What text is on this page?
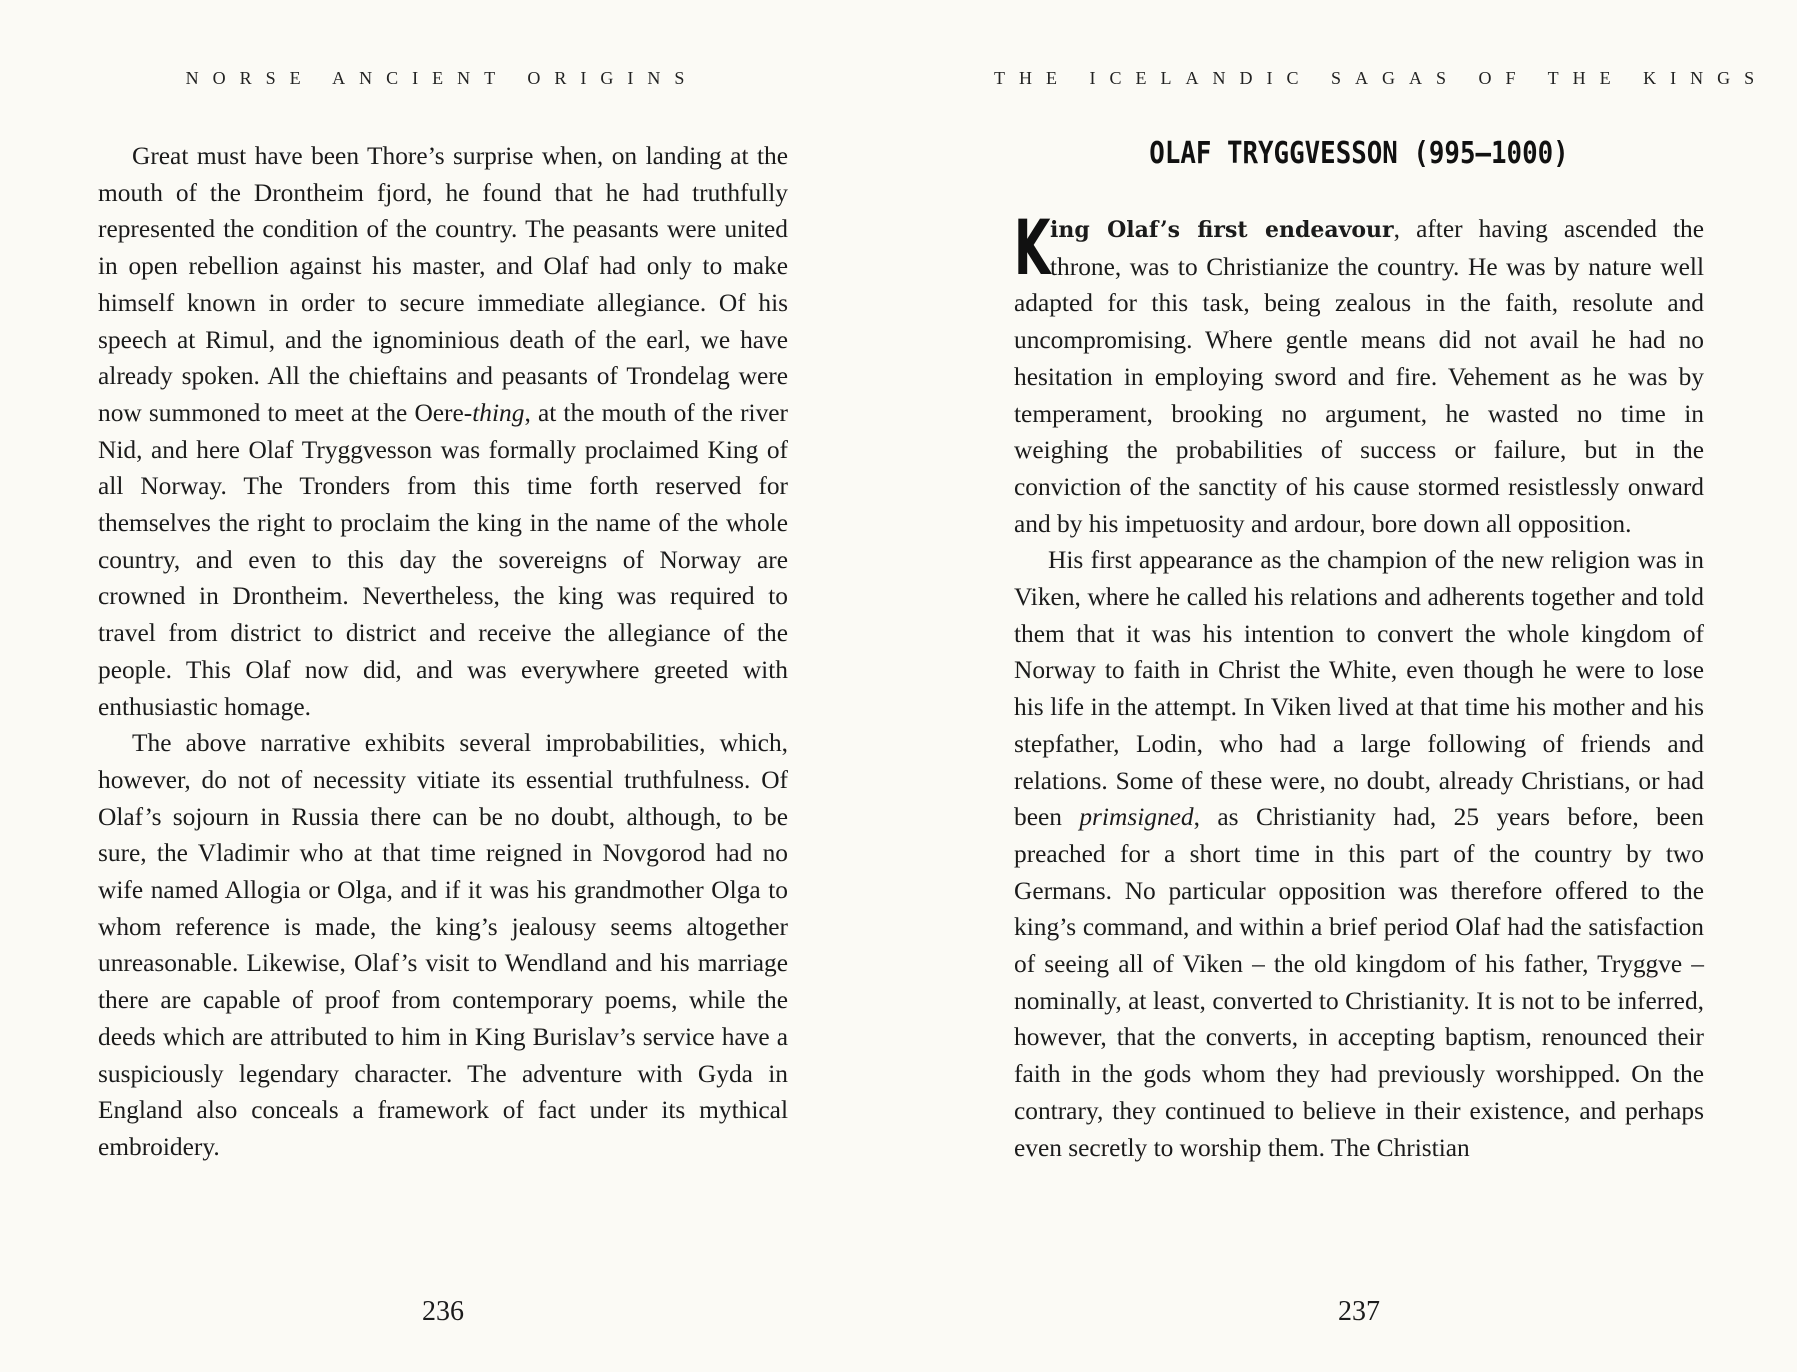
NORSE ANCIENT ORIGINS

Great must have been Thore’s surprise when, on landing at the mouth of the Drontheim fjord, he found that he had truthfully represented the condition of the country. The peasants were united in open rebellion against his master, and Olaf had only to make himself known in order to secure immediate allegiance. Of his speech at Rimul, and the ignominious death of the earl, we have already spoken. All the chieftains and peasants of Trondelag were now summoned to meet at the Oere-thing, at the mouth of the river Nid, and here Olaf Tryggvesson was formally proclaimed King of all Norway. The Tronders from this time forth reserved for themselves the right to proclaim the king in the name of the whole country, and even to this day the sovereigns of Norway are crowned in Drontheim. Nevertheless, the king was required to travel from district to district and receive the allegiance of the people. This Olaf now did, and was everywhere greeted with enthusiastic homage.

The above narrative exhibits several improbabilities, which, however, do not of necessity vitiate its essential truthfulness. Of Olaf’s sojourn in Russia there can be no doubt, although, to be sure, the Vladimir who at that time reigned in Novgorod had no wife named Allogia or Olga, and if it was his grandmother Olga to whom reference is made, the king’s jealousy seems altogether unreasonable. Likewise, Olaf’s visit to Wendland and his marriage there are capable of proof from contemporary poems, while the deeds which are attributed to him in King Burislav’s service have a suspiciously legendary character. The adventure with Gyda in England also conceals a framework of fact under its mythical embroidery.

236
THE ICELANDIC SAGAS OF THE KINGS
OLAF TRYGGVESSON (995–1000)

King Olaf’s first endeavour, after having ascended the throne, was to Christianize the country. He was by nature well adapted for this task, being zealous in the faith, resolute and uncompromising. Where gentle means did not avail he had no hesitation in employing sword and fire. Vehement as he was by temperament, brooking no argument, he wasted no time in weighing the probabilities of success or failure, but in the conviction of the sanctity of his cause stormed resistlessly onward and by his impetuosity and ardour, bore down all opposition.

His first appearance as the champion of the new religion was in Viken, where he called his relations and adherents together and told them that it was his intention to convert the whole kingdom of Norway to faith in Christ the White, even though he were to lose his life in the attempt. In Viken lived at that time his mother and his stepfather, Lodin, who had a large following of friends and relations. Some of these were, no doubt, already Christians, or had been primsigned, as Christianity had, 25 years before, been preached for a short time in this part of the country by two Germans. No particular opposition was therefore offered to the king’s command, and within a brief period Olaf had the satisfaction of seeing all of Viken – the old kingdom of his father, Tryggve – nominally, at least, converted to Christianity. It is not to be inferred, however, that the converts, in accepting baptism, renounced their faith in the gods whom they had previously worshipped. On the contrary, they continued to believe in their existence, and perhaps even secretly to worship them. The Christian

237
